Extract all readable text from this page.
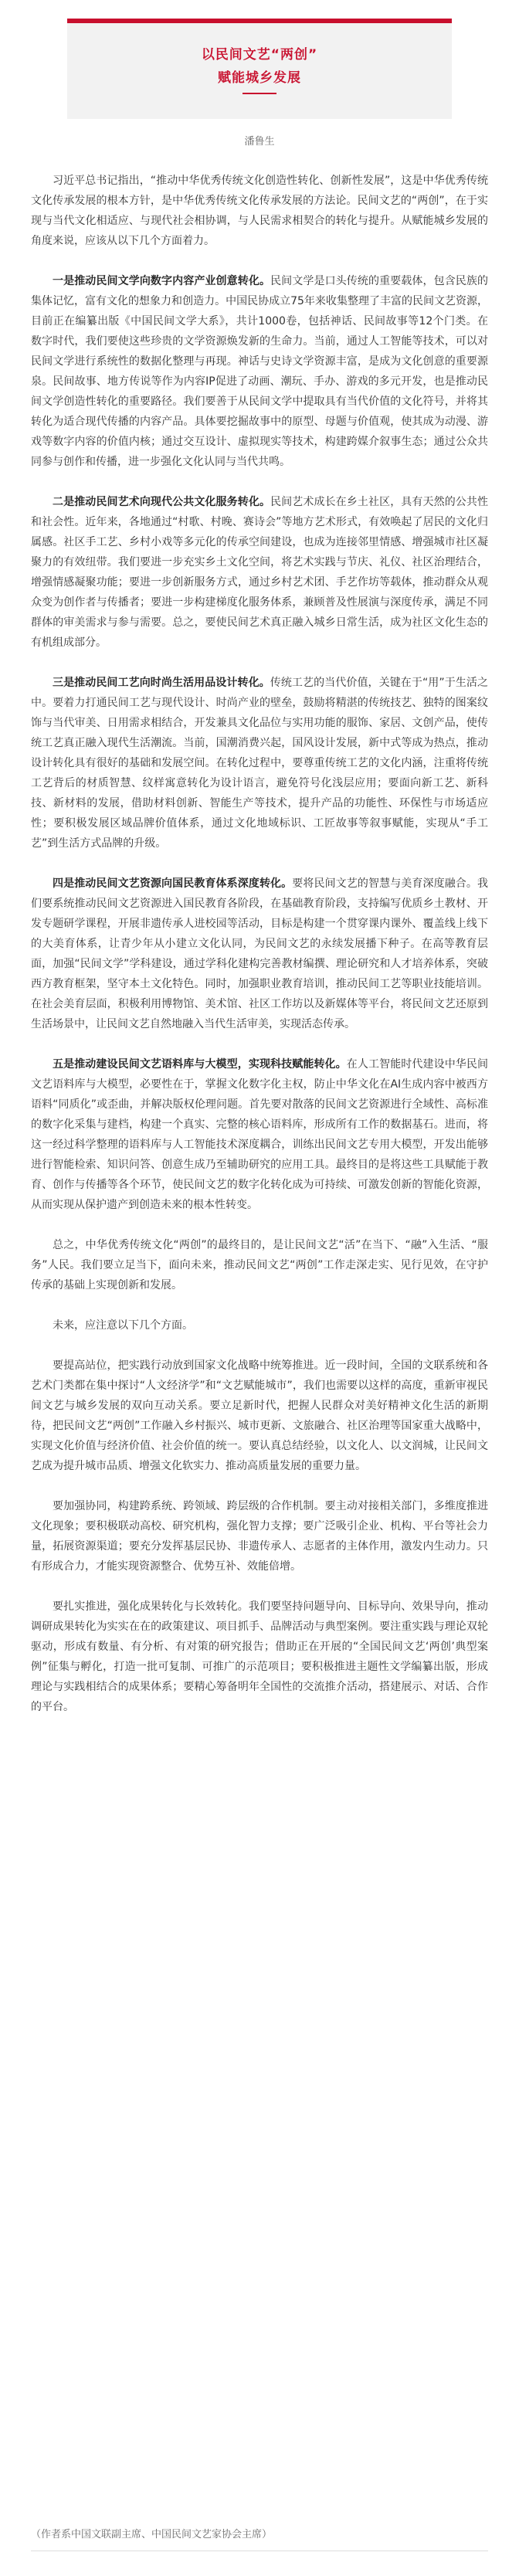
以民间文艺“两创”
赋能城乡发展
潘鲁生

习近平总书记指出，“推动中华优秀传统文化创造性转化、创新性发展”，这是中华优秀传统文化传承发展的根本方针，是中华优秀传统文化传承发展的方法论。民间文艺的“两创”，在于实现与当代文化相适应、与现代社会相协调，与人民需求相契合的转化与提升。从赋能城乡发展的角度来说，应该从以下几个方面着力。

一是推动民间文学向数字内容产业创意转化。民间文学是口头传统的重要载体，包含民族的集体记忆，富有文化的想象力和创造力。中国民协成立75年来收集整理了丰富的民间文艺资源，目前正在编纂出版《中国民间文学大系》，共计1000卷，包括神话、民间故事等12个门类。在数字时代，我们要使这些珍贵的文学资源焕发新的生命力。当前，通过人工智能等技术，可以对民间文学进行系统性的数据化整理与再现。神话与史诗文学资源丰富，是成为文化创意的重要源泉。民间故事、地方传说等作为内容IP促进了动画、潮玩、手办、游戏的多元开发，也是推动民间文学创造性转化的重要路径。我们要善于从民间文学中提取具有当代价值的文化符号，并将其转化为适合现代传播的内容产品。具体要挖掘故事中的原型、母题与价值观，使其成为动漫、游戏等数字内容的价值内核；通过交互设计、虚拟现实等技术，构建跨媒介叙事生态；通过公众共同参与创作和传播，进一步强化文化认同与当代共鸣。

二是推动民间艺术向现代公共文化服务转化。民间艺术成长在乡土社区，具有天然的公共性和社会性。近年来，各地通过“村歌、村晚、赛诗会”等地方艺术形式，有效唤起了居民的文化归属感。社区手工艺、乡村小戏等多元化的传承空间建设，也成为连接邻里情感、增强城市社区凝聚力的有效纽带。我们要进一步充实乡土文化空间，将艺术实践与节庆、礼仪、社区治理结合，增强情感凝聚功能；要进一步创新服务方式，通过乡村艺术团、手艺作坊等载体，推动群众从观众变为创作者与传播者；要进一步构建梯度化服务体系，兼顾普及性展演与深度传承，满足不同群体的审美需求与参与需要。总之，要使民间艺术真正融入城乡日常生活，成为社区文化生态的有机组成部分。

三是推动民间工艺向时尚生活用品设计转化。传统工艺的当代价值，关键在于“用”于生活之中。要着力打通民间工艺与现代设计、时尚产业的壁垒，鼓励将精湛的传统技艺、独特的图案纹饰与当代审美、日用需求相结合，开发兼具文化品位与实用功能的服饰、家居、文创产品，使传统工艺真正融入现代生活潮流。当前，国潮消费兴起，国风设计发展，新中式等成为热点，推动设计转化具有很好的基础和发展空间。在转化过程中，要尊重传统工艺的文化内涵，注重将传统工艺背后的材质智慧、纹样寓意转化为设计语言，避免符号化浅层应用；要面向新工艺、新科技、新材料的发展，借助材料创新、智能生产等技术，提升产品的功能性、环保性与市场适应性；要积极发展区域品牌价值体系，通过文化地域标识、工匠故事等叙事赋能，实现从“手工艺”到生活方式品牌的升级。

四是推动民间文艺资源向国民教育体系深度转化。要将民间文艺的智慧与美育深度融合。我们要系统推动民间文艺资源进入国民教育各阶段，在基础教育阶段，支持编写优质乡土教材、开发专题研学课程，开展非遗传承人进校园等活动，目标是构建一个贯穿课内课外、覆盖线上线下的大美育体系，让青少年从小建立文化认同，为民间文艺的永续发展播下种子。在高等教育层面，加强“民间文学”学科建设，通过学科化建构完善教材编撰、理论研究和人才培养体系，突破西方教育框架，坚守本土文化特色。同时，加强职业教育培训，推动民间工艺等职业技能培训。在社会美育层面，积极利用博物馆、美术馆、社区工作坊以及新媒体等平台，将民间文艺还原到生活场景中，让民间文艺自然地融入当代生活审美，实现活态传承。

五是推动建设民间文艺语料库与大模型，实现科技赋能转化。在人工智能时代建设中华民间文艺语料库与大模型，必要性在于，掌握文化数字化主权，防止中华文化在AI生成内容中被西方语料“同质化”或歪曲，并解决版权伦理问题。首先要对散落的民间文艺资源进行全域性、高标准的数字化采集与建档，构建一个真实、完整的核心语料库，形成所有工作的数据基石。进而，将这一经过科学整理的语料库与人工智能技术深度耦合，训练出民间文艺专用大模型，开发出能够进行智能检索、知识问答、创意生成乃至辅助研究的应用工具。最终目的是将这些工具赋能于教育、创作与传播等各个环节，使民间文艺的数字化转化成为可持续、可激发创新的智能化资源，从而实现从保护遗产到创造未来的根本性转变。

总之，中华优秀传统文化“两创”的最终目的，是让民间文艺“活”在当下、“融”入生活、“服务”人民。我们要立足当下，面向未来，推动民间文艺“两创”工作走深走实、见行见效，在守护传承的基础上实现创新和发展。

未来，应注意以下几个方面。

要提高站位，把实践行动放到国家文化战略中统筹推进。近一段时间，全国的文联系统和各艺术门类都在集中探讨“人文经济学”和“文艺赋能城市”，我们也需要以这样的高度，重新审视民间文艺与城乡发展的双向互动关系。要立足新时代，把握人民群众对美好精神文化生活的新期待，把民间文艺“两创”工作融入乡村振兴、城市更新、文旅融合、社区治理等国家重大战略中，实现文化价值与经济价值、社会价值的统一。要认真总结经验，以文化人、以文润城，让民间文艺成为提升城市品质、增强文化软实力、推动高质量发展的重要力量。

要加强协同，构建跨系统、跨领域、跨层级的合作机制。要主动对接相关部门，多维度推进文化现象；要积极联动高校、研究机构，强化智力支撑；要广泛吸引企业、机构、平台等社会力量，拓展资源渠道；要充分发挥基层民协、非遗传承人、志愿者的主体作用，激发内生动力。只有形成合力，才能实现资源整合、优势互补、效能倍增。

要扎实推进，强化成果转化与长效转化。我们要坚持问题导向、目标导向、效果导向，推动调研成果转化为实实在在的政策建议、项目抓手、品牌活动与典型案例。要注重实践与理论双轮驱动，形成有数量、有分析、有对策的研究报告；借助正在开展的“全国民间文艺‘两创’典型案例”征集与孵化，打造一批可复制、可推广的示范项目；要积极推进主题性文学编纂出版，形成理论与实践相结合的成果体系；要精心筹备明年全国性的交流推介活动，搭建展示、对话、合作的平台。

（作者系中国文联副主席、中国民间文艺家协会主席）
